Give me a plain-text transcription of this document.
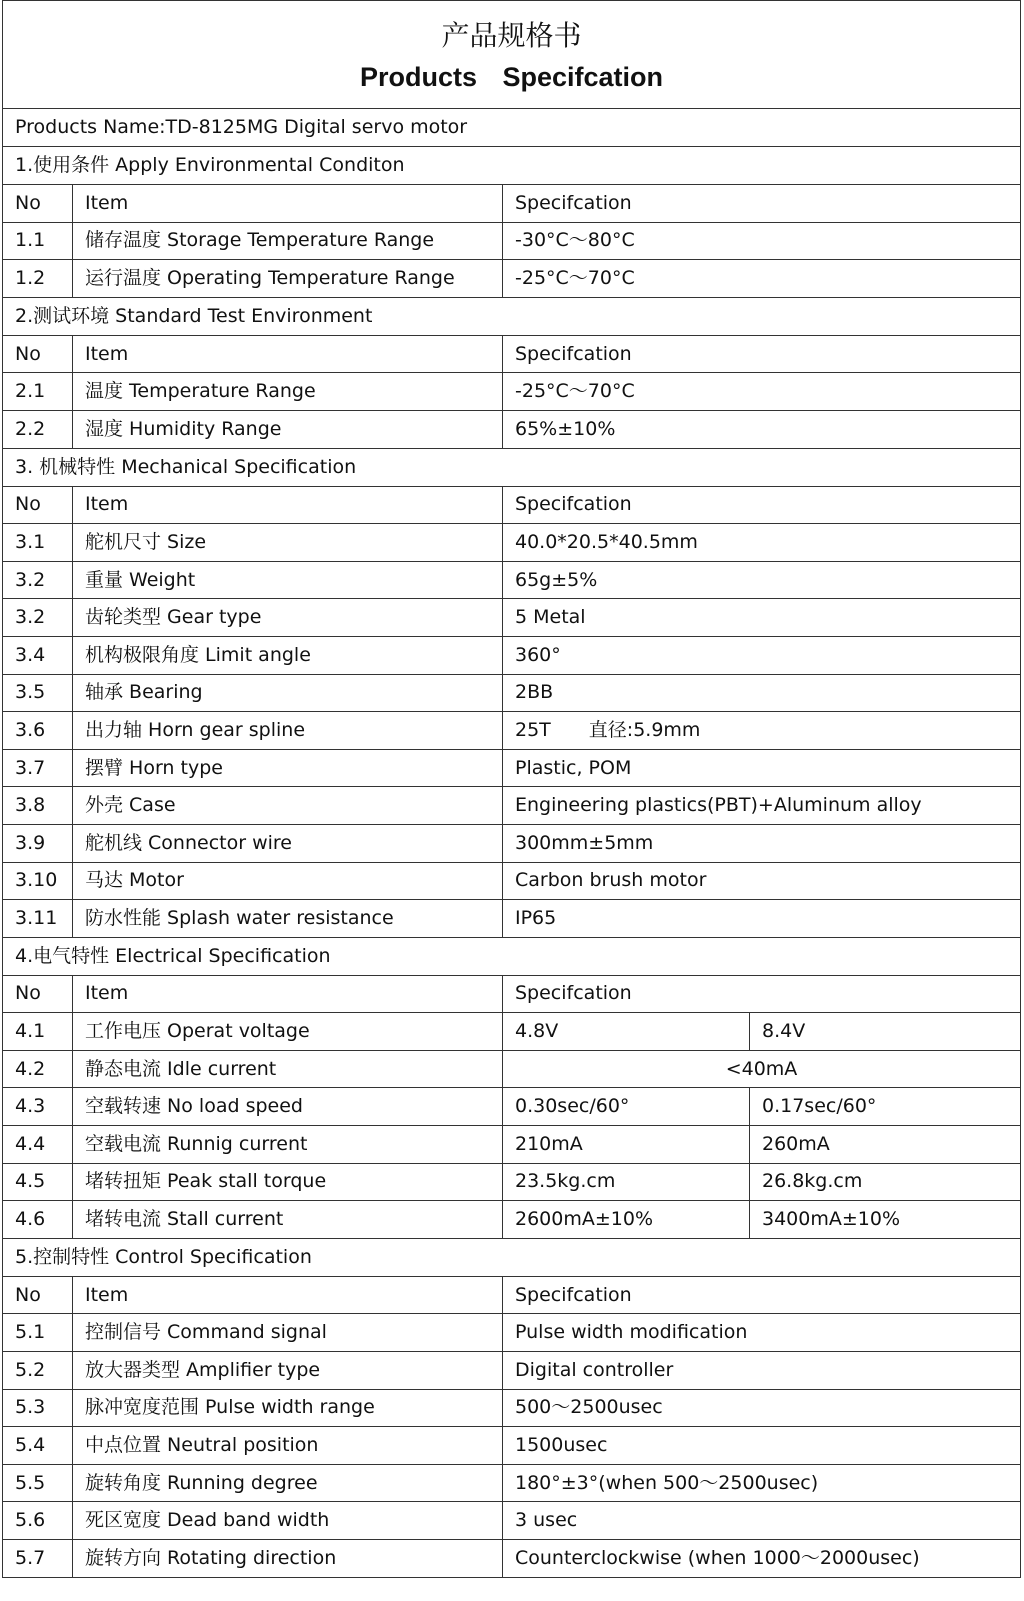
产品规格书
Products Specifcation			

Products Name:TD-8125MG Digital servo motor			
1.使用条件 Apply Environmental Conditon			
No	Item	Specifcation	
1.1	储存温度 Storage Temperature Range	-30°C～80°C	
1.2	运行温度 Operating Temperature Range	-25°C～70°C	
2.测试环境 Standard Test Environment			
No	Item	Specifcation	
2.1	温度 Temperature Range	-25°C～70°C	
2.2	湿度 Humidity Range	65%±10%	
3. 机械特性 Mechanical Specification			
No	Item	Specifcation	
3.1	舵机尺寸 Size	40.0*20.5*40.5mm	
3.2	重量 Weight	65g±5%	
3.2	齿轮类型 Gear type	5 Metal	
3.4	机构极限角度 Limit angle	360°	
3.5	轴承 Bearing	2BB	
3.6	出力轴 Horn gear spline	25T 直径:5.9mm	
3.7	摆臂 Horn type	Plastic, POM	
3.8	外壳 Case	Engineering plastics(PBT)+Aluminum alloy	
3.9	舵机线 Connector wire	300mm±5mm	
3.10	马达 Motor	Carbon brush motor	
3.11	防水性能 Splash water resistance	IP65	
4.电气特性 Electrical Specification			
No	Item	Specifcation	
4.1	工作电压 Operat voltage	4.8V	8.4V
4.2	静态电流 Idle current	<40mA	
4.3	空载转速 No load speed	0.30sec/60°	0.17sec/60°
4.4	空载电流 Runnig current	210mA	260mA
4.5	堵转扭矩 Peak stall torque	23.5kg.cm	26.8kg.cm
4.6	堵转电流 Stall current	2600mA±10%	3400mA±10%
5.控制特性 Control Specification			
No	Item	Specifcation	
5.1	控制信号 Command signal	Pulse width modification	
5.2	放大器类型 Amplifier type	Digital controller	
5.3	脉冲宽度范围 Pulse width range	500～2500usec	
5.4	中点位置 Neutral position	1500usec	
5.5	旋转角度 Running degree	180°±3°(when 500～2500usec)	
5.6	死区宽度 Dead band width	3 usec	
5.7	旋转方向 Rotating direction	Counterclockwise (when 1000～2000usec)	
